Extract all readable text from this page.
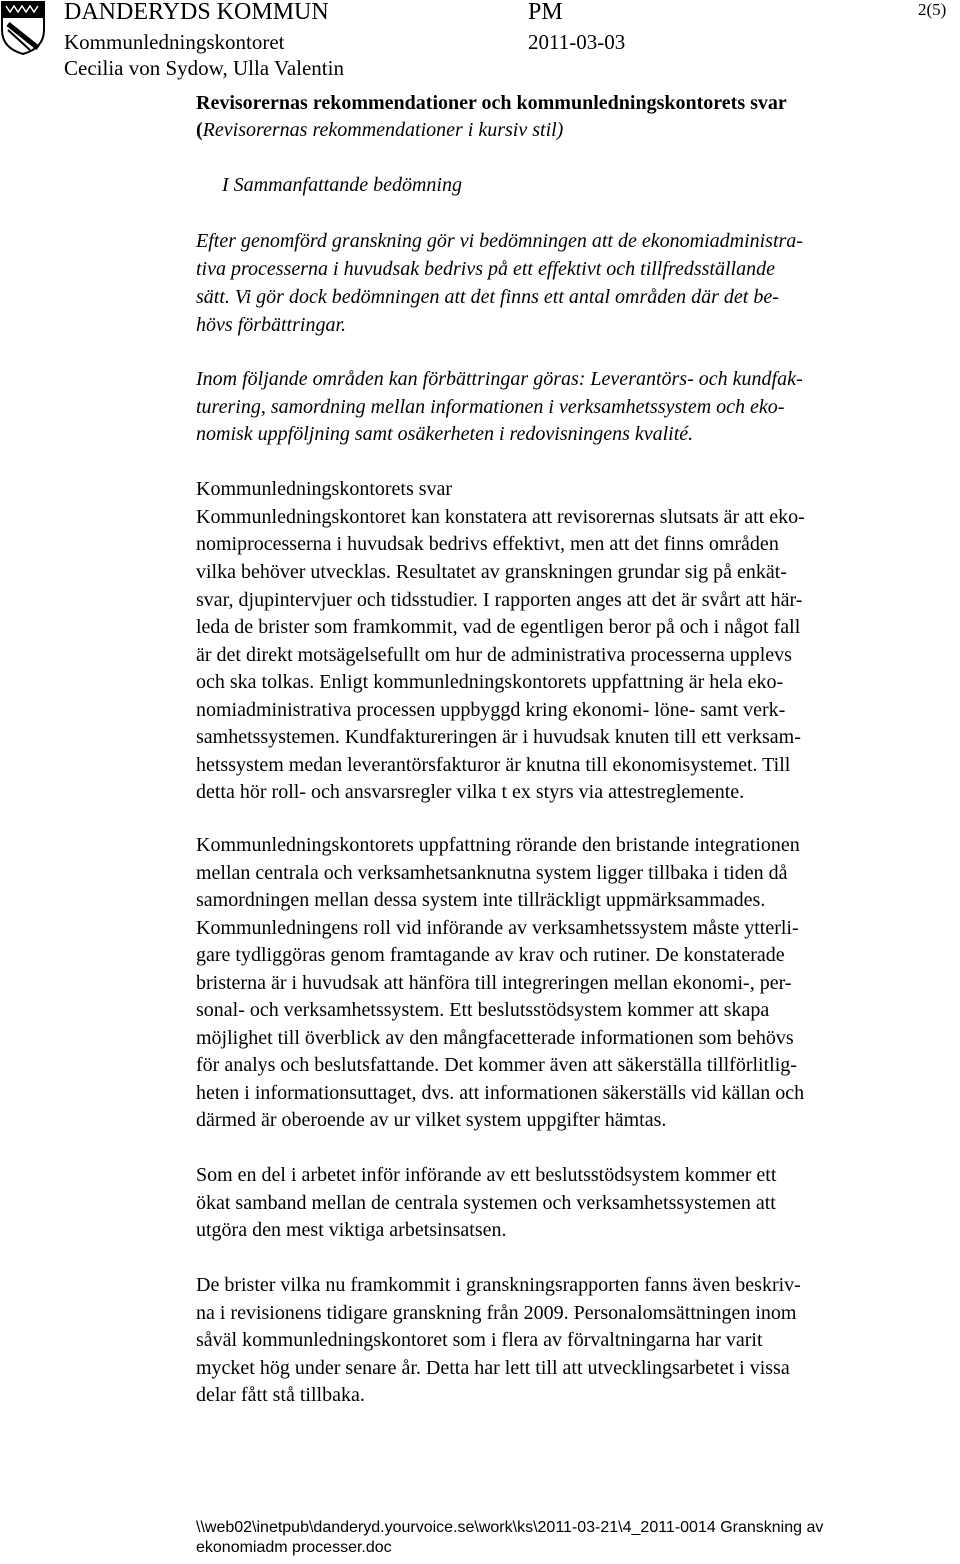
DANDERYDS KOMMUN	PM	2(5)
Kommunledningskontoret	2011-03-03
Cecilia von Sydow, Ulla Valentin
Revisorernas rekommendationer och kommunledningskontorets svar
(Revisorernas rekommendationer i kursiv stil)
I Sammanfattande bedömning
Efter genomförd granskning gör vi bedömningen att de ekonomiadministra-
tiva processerna i huvudsak bedrivs på ett effektivt och tillfredsställande
sätt. Vi gör dock bedömningen att det finns ett antal områden där det be-
hövs förbättringar.
Inom följande områden kan förbättringar göras: Leverantörs- och kundfak-
turering, samordning mellan informationen i verksamhetssystem och eko-
nomisk uppföljning samt osäkerheten i redovisningens kvalité.
Kommunledningskontorets svar
Kommunledningskontoret kan konstatera att revisorernas slutsats är att eko-
nomiprocesserna i huvudsak bedrivs effektivt, men att det finns områden
vilka behöver utvecklas. Resultatet av granskningen grundar sig på enkät-
svar, djupintervjuer och tidsstudier. I rapporten anges att det är svårt att här-
leda de brister som framkommit, vad de egentligen beror på och i något fall
är det direkt motsägelsefullt om hur de administrativa processerna upplevs
och ska tolkas. Enligt kommunledningskontorets uppfattning är hela eko-
nomiadministrativa processen uppbyggd kring ekonomi- löne- samt verk-
samhetssystemen. Kundfaktureringen är i huvudsak knuten till ett verksam-
hetssystem medan leverantörsfakturor är knutna till ekonomisystemet. Till
detta hör roll- och ansvarsregler vilka t ex styrs via attestreglemente.
Kommunledningskontorets uppfattning rörande den bristande integrationen
mellan centrala och verksamhetsanknutna system ligger tillbaka i tiden då
samordningen mellan dessa system inte tillräckligt uppmärksammades.
Kommunledningens roll vid införande av verksamhetssystem måste ytterli-
gare tydliggöras genom framtagande av krav och rutiner. De konstaterade
bristerna är i huvudsak att hänföra till integreringen mellan ekonomi-, per-
sonal- och verksamhetssystem. Ett beslutsstödsystem kommer att skapa
möjlighet till överblick av den mångfacetterade informationen som behövs
för analys och beslutsfattande. Det kommer även att säkerställa tillförlitlig-
heten i informationsuttaget, dvs. att informationen säkerställs vid källan och
därmed är oberoende av ur vilket system uppgifter hämtas.
Som en del i arbetet inför införande av ett beslutsstödsystem kommer ett
ökat samband mellan de centrala systemen och verksamhetssystemen att
utgöra den mest viktiga arbetsinsatsen.
De brister vilka nu framkommit i granskningsrapporten fanns även beskriv-
na i revisionens tidigare granskning från 2009. Personalomsättningen inom
såväl kommunledningskontoret som i flera av förvaltningarna har varit
mycket hög under senare år. Detta har lett till att utvecklingsarbetet i vissa
delar fått stå tillbaka.
\\web02\inetpub\danderyd.yourvoice.se\work\ks\2011-03-21\4_2011-0014 Granskning av
ekonomiadm processer.doc
